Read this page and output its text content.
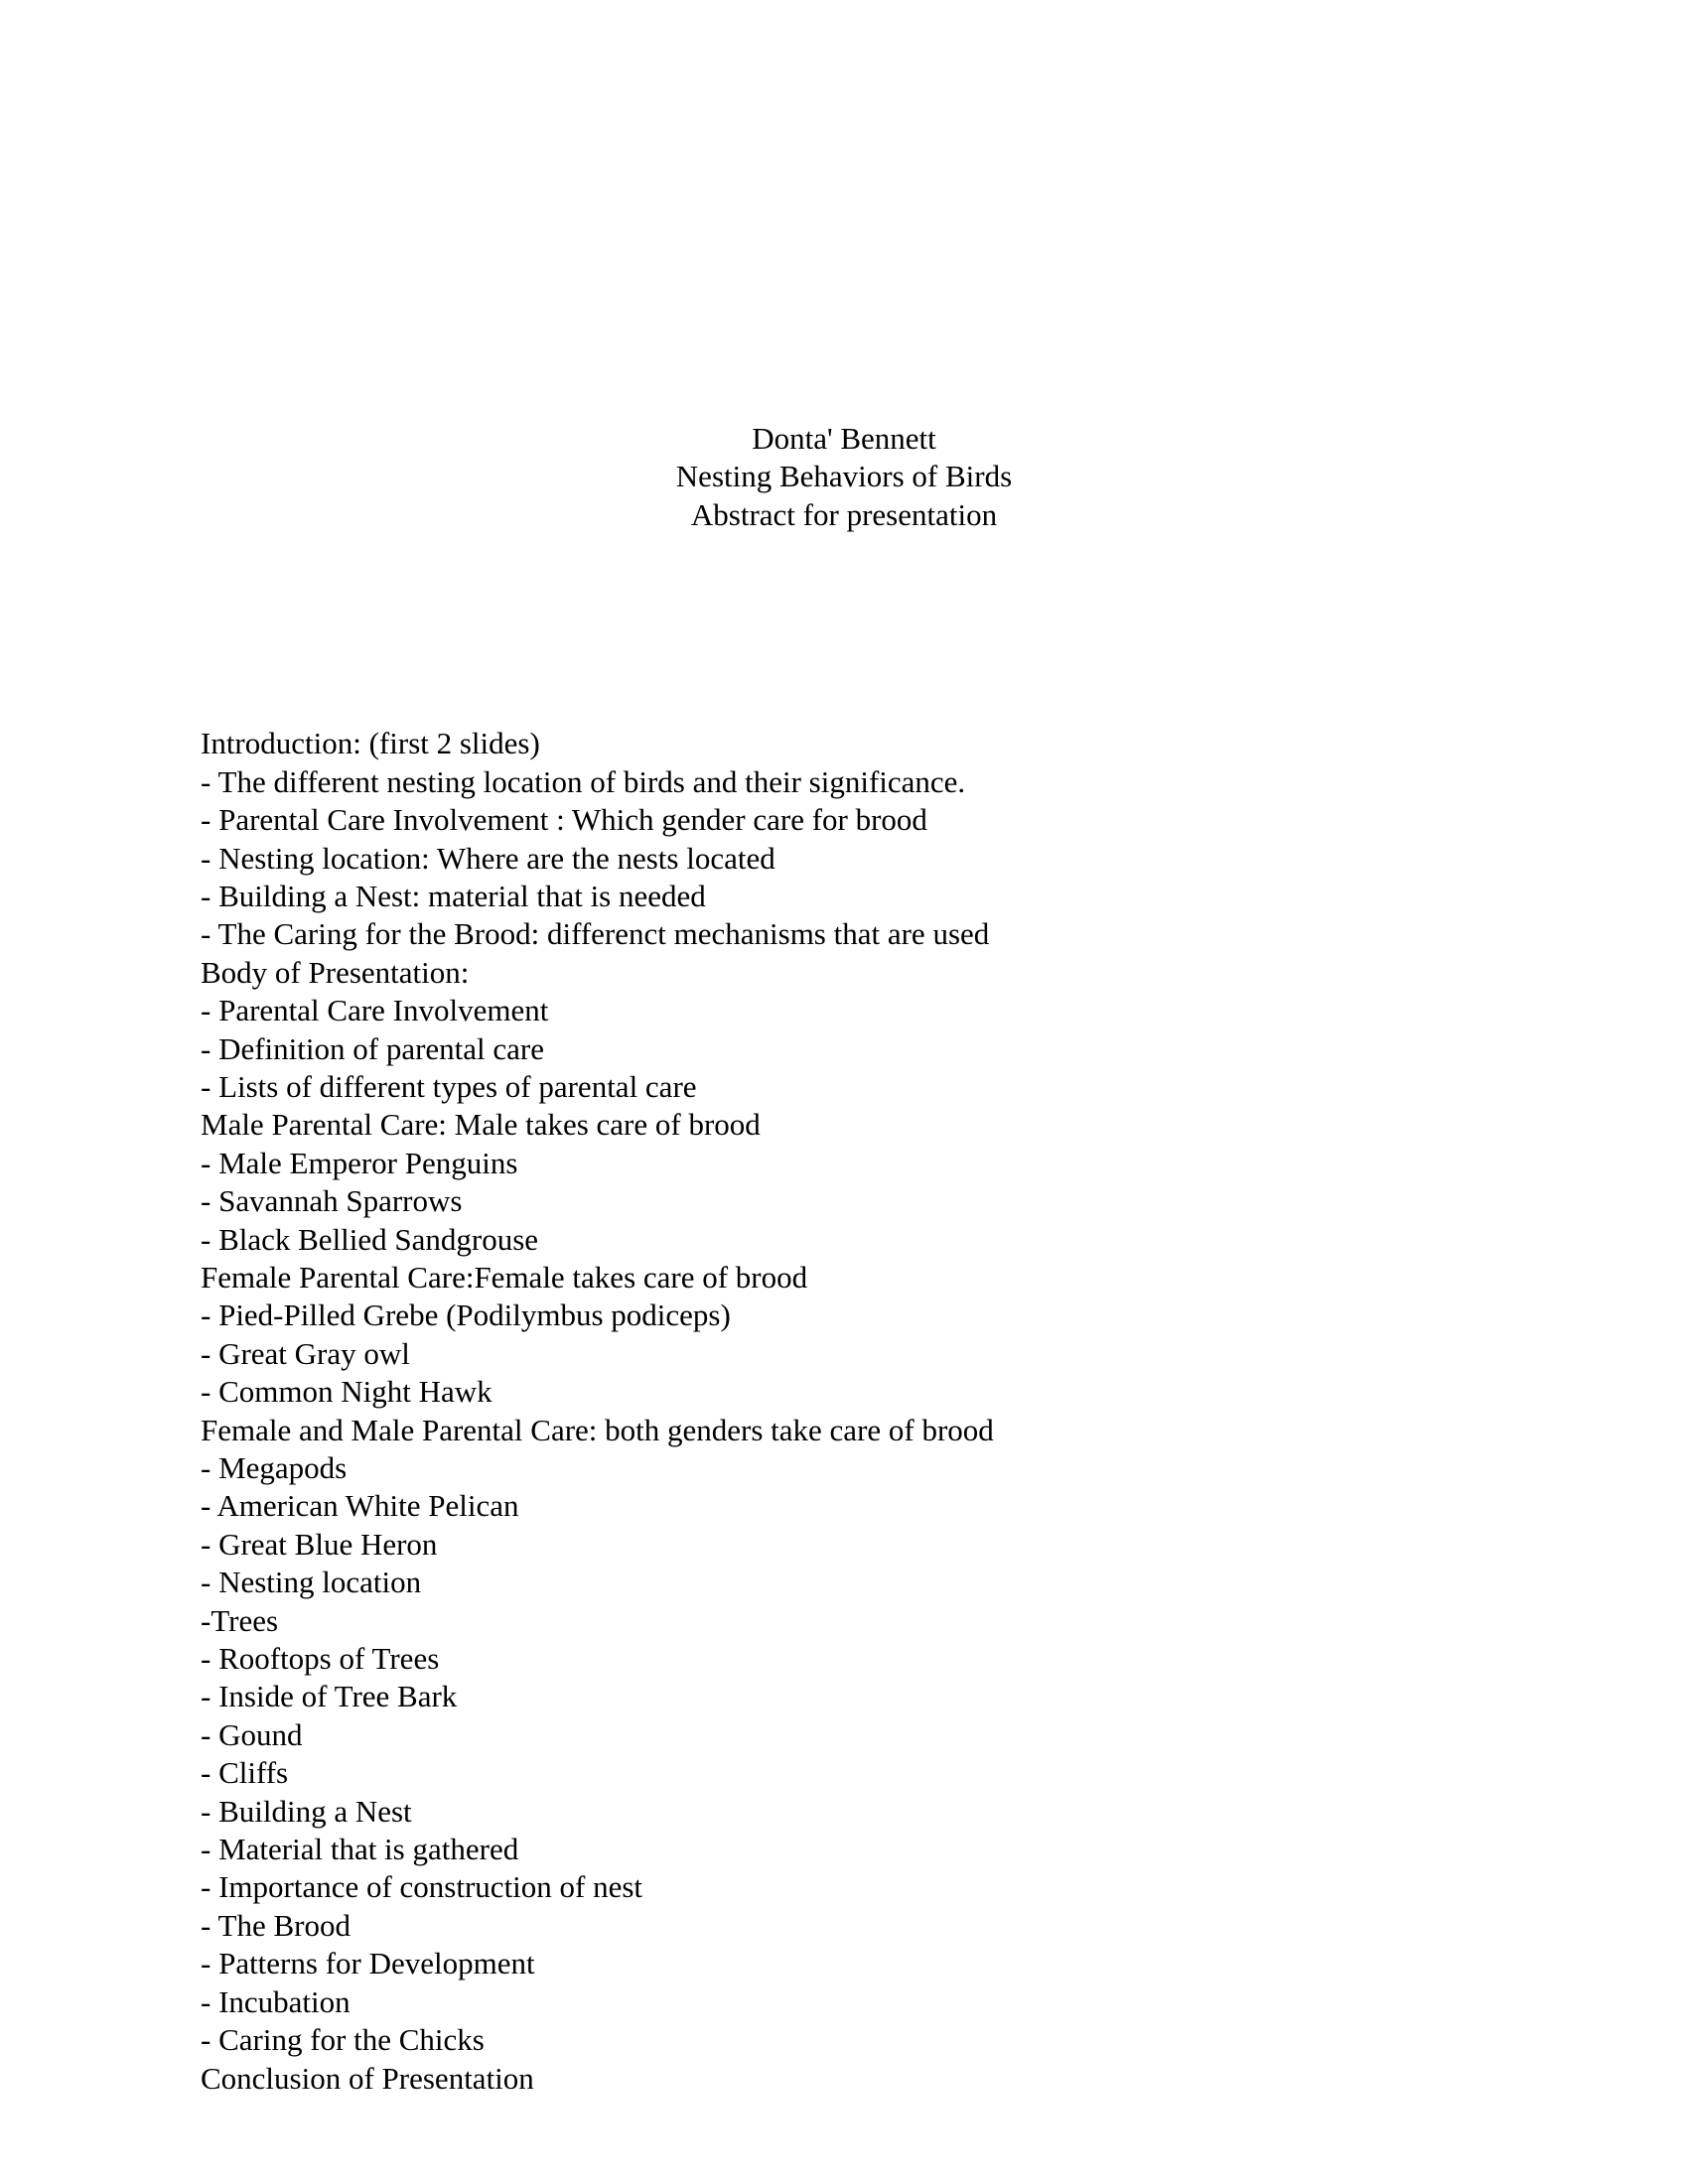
Donta' Bennett
Nesting Behaviors of Birds
Abstract for presentation

Introduction: (first 2 slides)
- The different nesting location of birds and their significance.
- Parental Care Involvement : Which gender care for brood
- Nesting location: Where are the nests located
- Building a Nest: material that is needed
- The Caring for the Brood: differenct mechanisms that are used
Body of Presentation:
- Parental Care Involvement
- Definition of parental care
- Lists of different types of parental care
Male Parental Care: Male takes care of brood
- Male Emperor Penguins
- Savannah Sparrows
- Black Bellied Sandgrouse
Female Parental Care:Female takes care of brood
- Pied-Pilled Grebe (Podilymbus podiceps)
- Great Gray owl
- Common Night Hawk
Female and Male Parental Care: both genders take care of brood
- Megapods
- American White Pelican
- Great Blue Heron
- Nesting location
-Trees
- Rooftops of Trees
- Inside of Tree Bark
- Gound
- Cliffs
- Building a Nest
- Material that is gathered
- Importance of construction of nest
- The Brood
- Patterns for Development
- Incubation
- Caring for the Chicks
Conclusion of Presentation
